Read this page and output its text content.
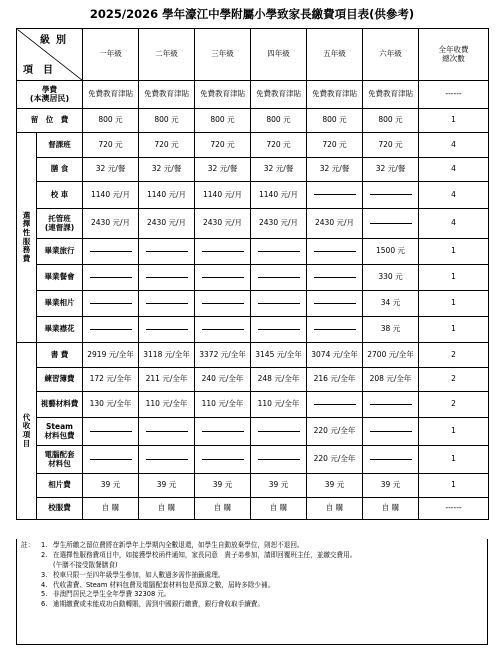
2025/2026 學年濠江中學附屬小學致家長繳費項目表(供參考)
級別
項目		一年級	二年級	三年級	四年級	五年級	六年級	全年收費
總次數
學費
(本澳居民)		免費教育津貼	免費教育津貼	免費教育津貼	免費教育津貼	免費教育津貼	免費教育津貼	------
留　位　費		800 元	800 元	800 元	800 元	800 元	800 元	1
選擇性服務費	督課班	720 元	720 元	720 元	720 元	720 元	720 元	4
	膳 食	32 元/餐	32 元/餐	32 元/餐	32 元/餐	32 元/餐	32 元/餐	4
	校 車	1140 元/月	1140 元/月	1140 元/月	1140 元/月			4
	托管班
(連督課)	2430 元/月	2430 元/月	2430 元/月	2430 元/月	2430 元/月		4
	畢業旅行						1500 元	1
	畢業餐會						330 元	1
	畢業相片						34 元	1
	畢業襟花						38 元	1
代收項目	書 費	2919 元/全年	3118 元/全年	3372 元/全年	3145 元/全年	3074 元/全年	2700 元/全年	2
	練習簿費	172 元/全年	211 元/全年	240 元/全年	248 元/全年	216 元/全年	208 元/全年	2
	視藝材料費	130 元/全年	110 元/全年	110 元/全年	110 元/全年			2
	Steam
材料包費					220 元/全年		1
	電腦配套
材料包					220 元/全年		1
	相片費	39 元	39 元	39 元	39 元	39 元	39 元	1
	校服費	自 購	自 購	自 購	自 購	自 購	自 購	------
註：	1. 學生所繳之留位費將在新學年上學期內全數退還，如學生自動放棄學位，則恕不退回。
2. 在選擇性服務費項目中，如接獲學校函件通知，家長同意　貴子弟參加，請即回覆班主任，並繳交費用。
(午膳不接受散餐膳食)
3. 校車只限一至四年級學生參加，如人數過多需作抽籤處理。
4. 代收書費、Steam 材料包費及電腦配套材料包是預算之數，屆時多除少補。
5. 非澳門居民之學生全年學費 32308 元。
6. 逾期繳費或未能成功自動轉賬，需到中國銀行繳費，銀行會收取手續費。
